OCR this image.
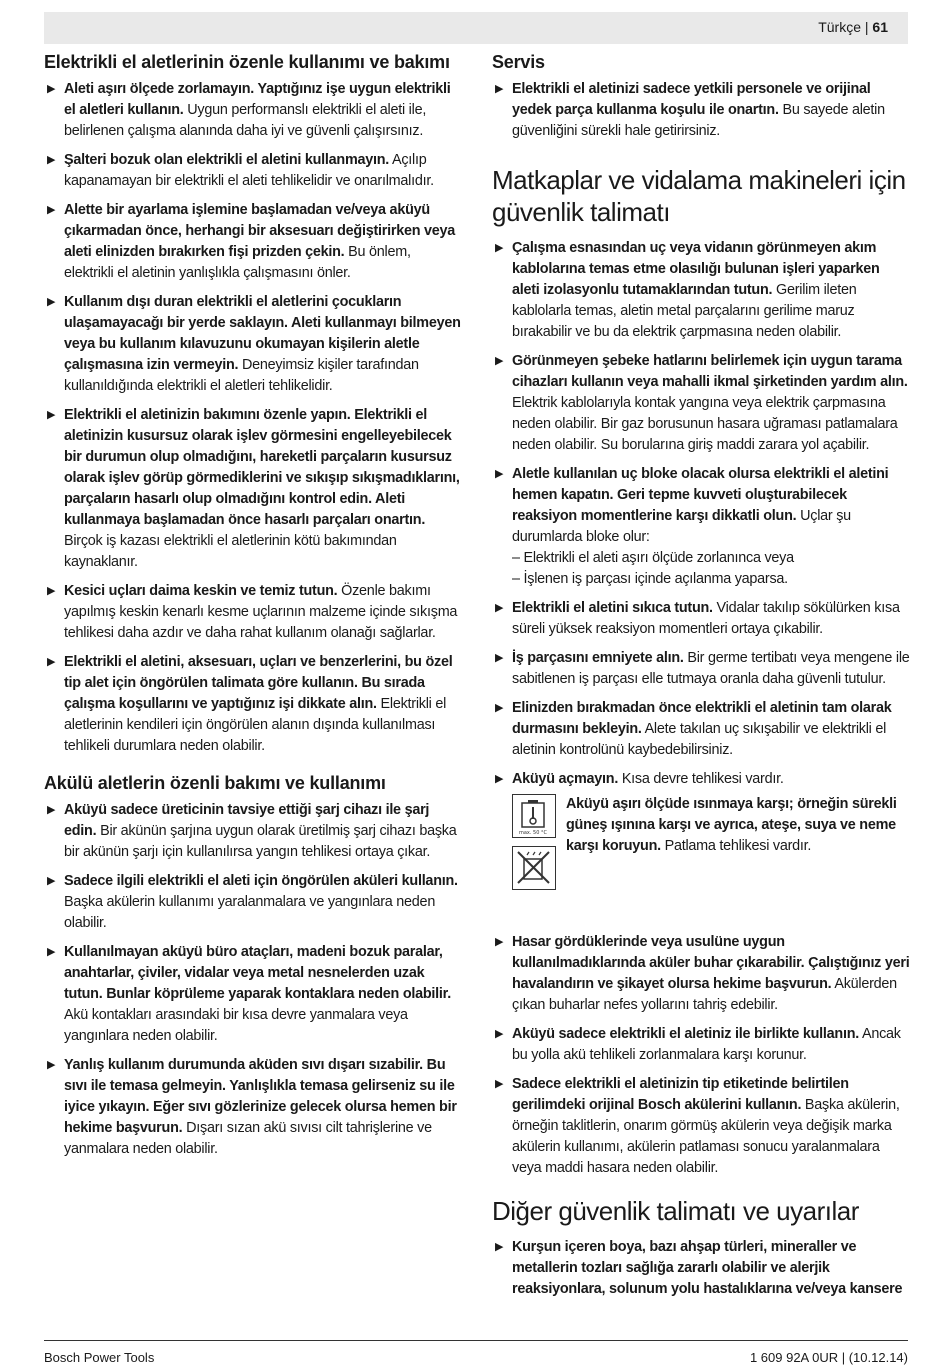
Türkçe | 61
Elektrikli el aletlerinin özenle kullanımı ve bakımı
▶ Aleti aşırı ölçede zorlamayın. Yaptığınız işe uygun elektrikli el aletleri kullanın. Uygun performanslı elektrikli el aleti ile, belirlenen çalışma alanında daha iyi ve güvenli çalışırsınız.
▶ Şalteri bozuk olan elektrikli el aletini kullanmayın. Açılıp kapanamayan bir elektrikli el aleti tehlikelidir ve onarılmalıdır.
▶ Alette bir ayarlama işlemine başlamadan ve/veya aküyü çıkarmadan önce, herhangi bir aksesuarı değiştirirken veya aleti elinizden bırakırken fişi prizden çekin. Bu önlem, elektrikli el aletinin yanlışlıkla çalışmasını önler.
▶ Kullanım dışı duran elektrikli el aletlerini çocukların ulaşamayacağı bir yerde saklayın. Aleti kullanmayı bilmeyen veya bu kullanım kılavuzunu okumayan kişilerin aletle çalışmasına izin vermeyin. Deneyimsiz kişiler tarafından kullanıldığında elektrikli el aletleri tehlikelidir.
▶ Elektrikli el aletinizin bakımını özenle yapın. Elektrikli el aletinizin kusursuz olarak işlev görmesini engelleyebilecek bir durumun olup olmadığını, hareketli parçaların kusursuz olarak işlev görüp görmediklerini ve sıkışıp sıkışmadıklarını, parçaların hasarlı olup olmadığını kontrol edin. Aleti kullanmaya başlamadan önce hasarlı parçaları onartın. Birçok iş kazası elektrikli el aletlerinin kötü bakımından kaynaklanır.
▶ Kesici uçları daima keskin ve temiz tutun. Özenle bakımı yapılmış keskin kenarlı kesme uçlarının malzeme içinde sıkışma tehlikesi daha azdır ve daha rahat kullanım olanağı sağlarlar.
▶ Elektrikli el aletini, aksesuarı, uçları ve benzerlerini, bu özel tip alet için öngörülen talimata göre kullanın. Bu sırada çalışma koşullarını ve yaptığınız işi dikkate alın. Elektrikli el aletlerinin kendileri için öngörülen alanın dışında kullanılması tehlikeli durumlara neden olabilir.
Akülü aletlerin özenli bakımı ve kullanımı
▶ Aküyü sadece üreticinin tavsiye ettiği şarj cihazı ile şarj edin. Bir akünün şarjına uygun olarak üretilmiş şarj cihazı başka bir akünün şarjı için kullanılırsa yangın tehlikesi ortaya çıkar.
▶ Sadece ilgili elektrikli el aleti için öngörülen aküleri kullanın. Başka akülerin kullanımı yaralanmalara ve yangınlara neden olabilir.
▶ Kullanılmayan aküyü büro ataçları, madeni bozuk paralar, anahtarlar, çiviler, vidalar veya metal nesnelerden uzak tutun. Bunlar köprüleme yaparak kontaklara neden olabilir. Akü kontakları arasındaki bir kısa devre yanmalara veya yangınlara neden olabilir.
▶ Yanlış kullanım durumunda aküden sıvı dışarı sızabilir. Bu sıvı ile temasa gelmeyin. Yanlışlıkla temasa gelirseniz su ile iyice yıkayın. Eğer sıvı gözlerinize gelecek olursa hemen bir hekime başvurun. Dışarı sızan akü sıvısı cilt tahrişlerine ve yanmalara neden olabilir.
Servis
▶ Elektrikli el aletinizi sadece yetkili personele ve orijinal yedek parça kullanma koşulu ile onartın. Bu sayede aletin güvenliğini sürekli hale getirirsiniz.
Matkaplar ve vidalama makineleri için güvenlik talimatı
▶ Çalışma esnasından uç veya vidanın görünmeyen akım kablolarına temas etme olasılığı bulunan işleri yaparken aleti izolasyonlu tutamaklarından tutun. Gerilim ileten kablolarla temas, aletin metal parçalarını gerilime maruz bırakabilir ve bu da elektrik çarpmasına neden olabilir.
▶ Görünmeyen şebeke hatlarını belirlemek için uygun tarama cihazları kullanın veya mahalli ikmal şirketinden yardım alın. Elektrik kablolarıyla kontak yangına veya elektrik çarpmasına neden olabilir. Bir gaz borusunun hasara uğraması patlamalara neden olabilir. Su borularına giriş maddi zarara yol açabilir.
▶ Aletle kullanılan uç bloke olacak olursa elektrikli el aletini hemen kapatın. Geri tepme kuvveti oluşturabilecek reaksiyon momentlerine karşı dikkatli olun. Uçlar şu durumlarda bloke olur:
– Elektrikli el aleti aşırı ölçüde zorlanınca veya
– İşlenen iş parçası içinde açılanma yaparsa.
▶ Elektrikli el aletini sıkıca tutun. Vidalar takılıp sökülürken kısa süreli yüksek reaksiyon momentleri ortaya çıkabilir.
▶ İş parçasını emniyete alın. Bir germe tertibatı veya mengene ile sabitlenen iş parçası elle tutmaya oranla daha güvenli tutulur.
▶ Elinizden bırakmadan önce elektrikli el aletinin tam olarak durmasını bekleyin. Alete takılan uç sıkışabilir ve elektrikli el aletinin kontrolünü kaybedebilirsiniz.
▶ Aküyü açmayın. Kısa devre tehlikesi vardır.
max. 50 °C
Aküyü aşırı ölçüde ısınmaya karşı; örneğin sürekli güneş ışınına karşı ve ayrıca, ateşe, suya ve neme karşı koruyun. Patlama tehlikesi vardır.
▶ Hasar gördüklerinde veya usulüne uygun kullanılmadıklarında aküler buhar çıkarabilir. Çalıştığınız yeri havalandırın ve şikayet olursa hekime başvurun. Akülerden çıkan buharlar nefes yollarını tahriş edebilir.
▶ Aküyü sadece elektrikli el aletiniz ile birlikte kullanın. Ancak bu yolla akü tehlikeli zorlanmalara karşı korunur.
▶ Sadece elektrikli el aletinizin tip etiketinde belirtilen gerilimdeki orijinal Bosch akülerini kullanın. Başka akülerin, örneğin taklitlerin, onarım görmüş akülerin veya değişik marka akülerin kullanımı, akülerin patlaması sonucu yaralanmalara veya maddi hasara neden olabilir.
Diğer güvenlik talimatı ve uyarılar
▶ Kurşun içeren boya, bazı ahşap türleri, mineraller ve metallerin tozları sağlığa zararlı olabilir ve alerjik reaksiyonlara, solunum yolu hastalıklarına ve/veya kansere
Bosch Power Tools	1 609 92A 0UR | (10.12.14)
